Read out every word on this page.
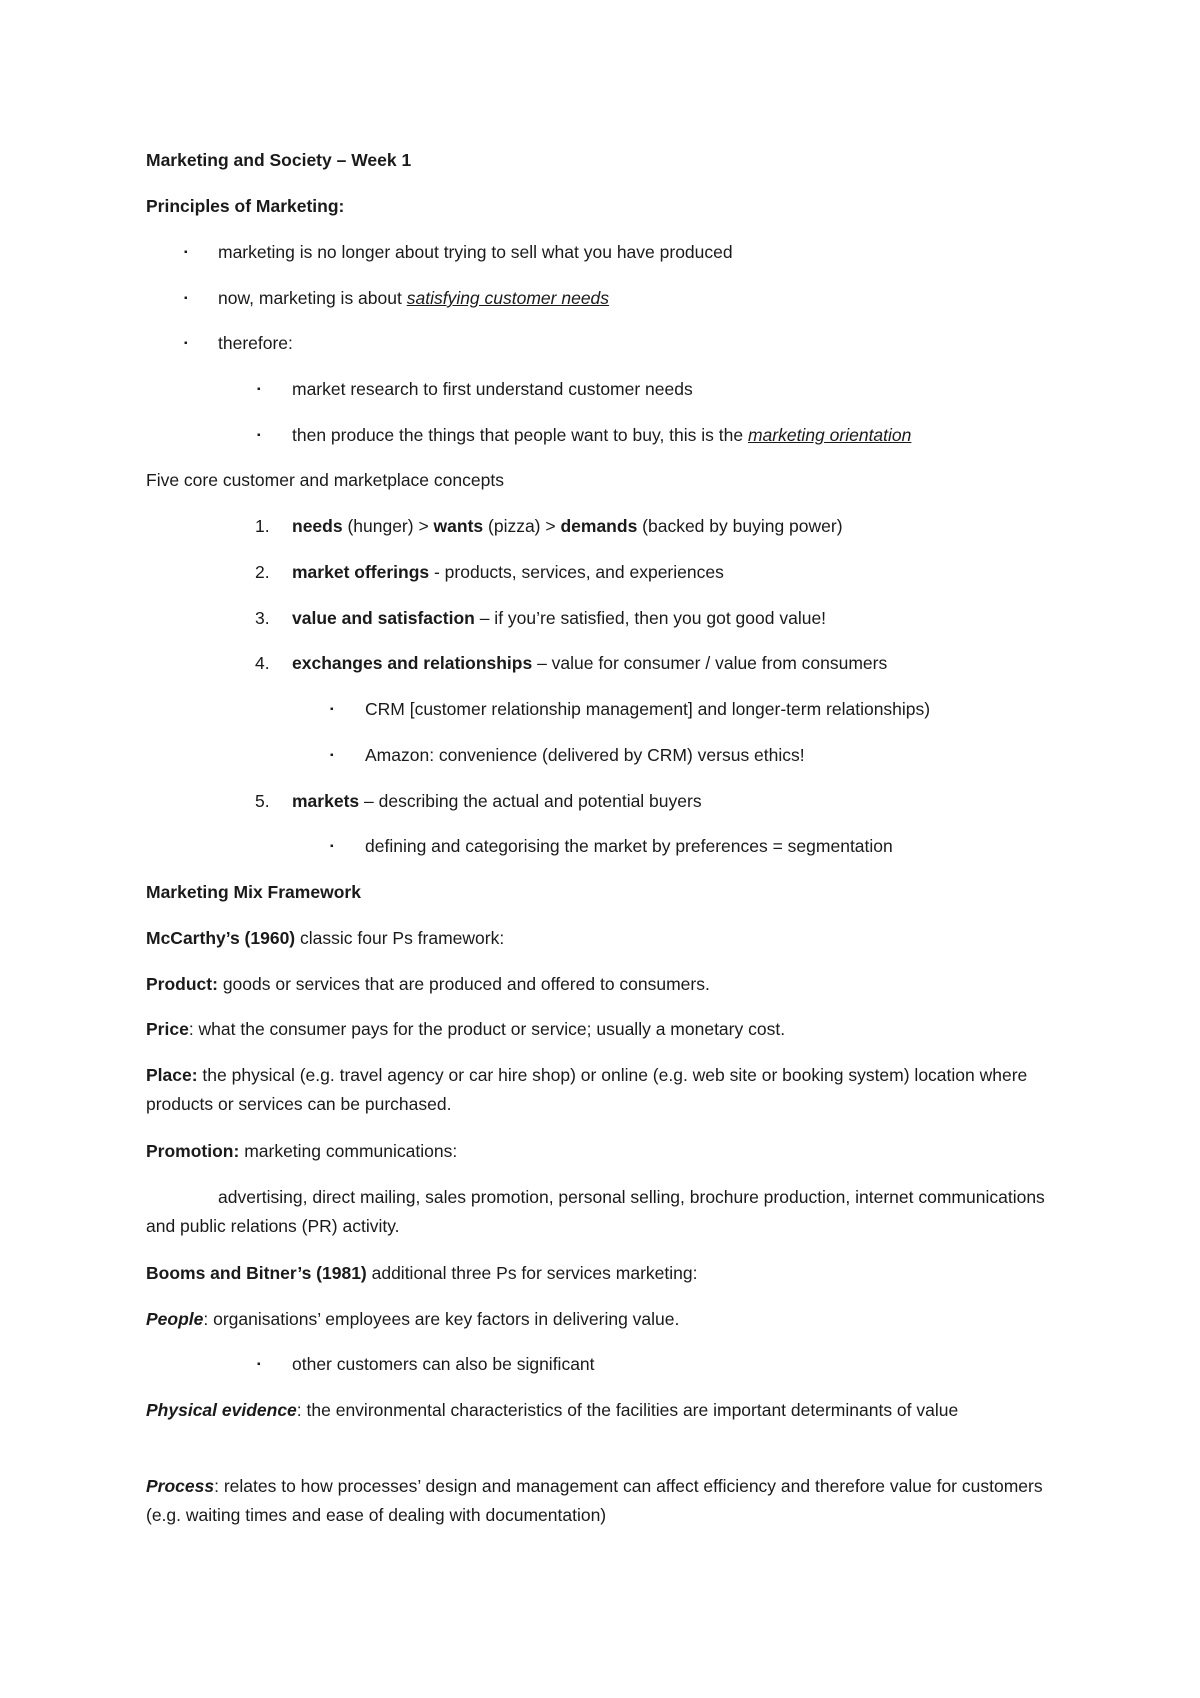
Marketing and Society – Week 1
Principles of Marketing:
▪ marketing is no longer about trying to sell what you have produced
▪ now, marketing is about satisfying customer needs
▪ therefore:
▪ market research to first understand customer needs
▪ then produce the things that people want to buy, this is the marketing orientation
Five core customer and marketplace concepts
1. needs (hunger) > wants (pizza) > demands (backed by buying power)
2. market offerings - products, services, and experiences
3. value and satisfaction – if you’re satisfied, then you got good value!
4. exchanges and relationships – value for consumer / value from consumers
▪ CRM [customer relationship management] and longer-term relationships)
▪ Amazon: convenience (delivered by CRM) versus ethics!
5. markets – describing the actual and potential buyers
▪ defining and categorising the market by preferences = segmentation
Marketing Mix Framework
McCarthy’s (1960) classic four Ps framework:
Product: goods or services that are produced and offered to consumers.
Price: what the consumer pays for the product or service; usually a monetary cost.
Place: the physical (e.g. travel agency or car hire shop) or online (e.g. web site or booking system) location where products or services can be purchased.
Promotion: marketing communications:
advertising, direct mailing, sales promotion, personal selling, brochure production, internet communications and public relations (PR) activity.
Booms and Bitner’s (1981) additional three Ps for services marketing:
People: organisations’ employees are key factors in delivering value.
▪ other customers can also be significant
Physical evidence: the environmental characteristics of the facilities are important determinants of value
Process: relates to how processes’ design and management can affect efficiency and therefore value for customers (e.g. waiting times and ease of dealing with documentation)
